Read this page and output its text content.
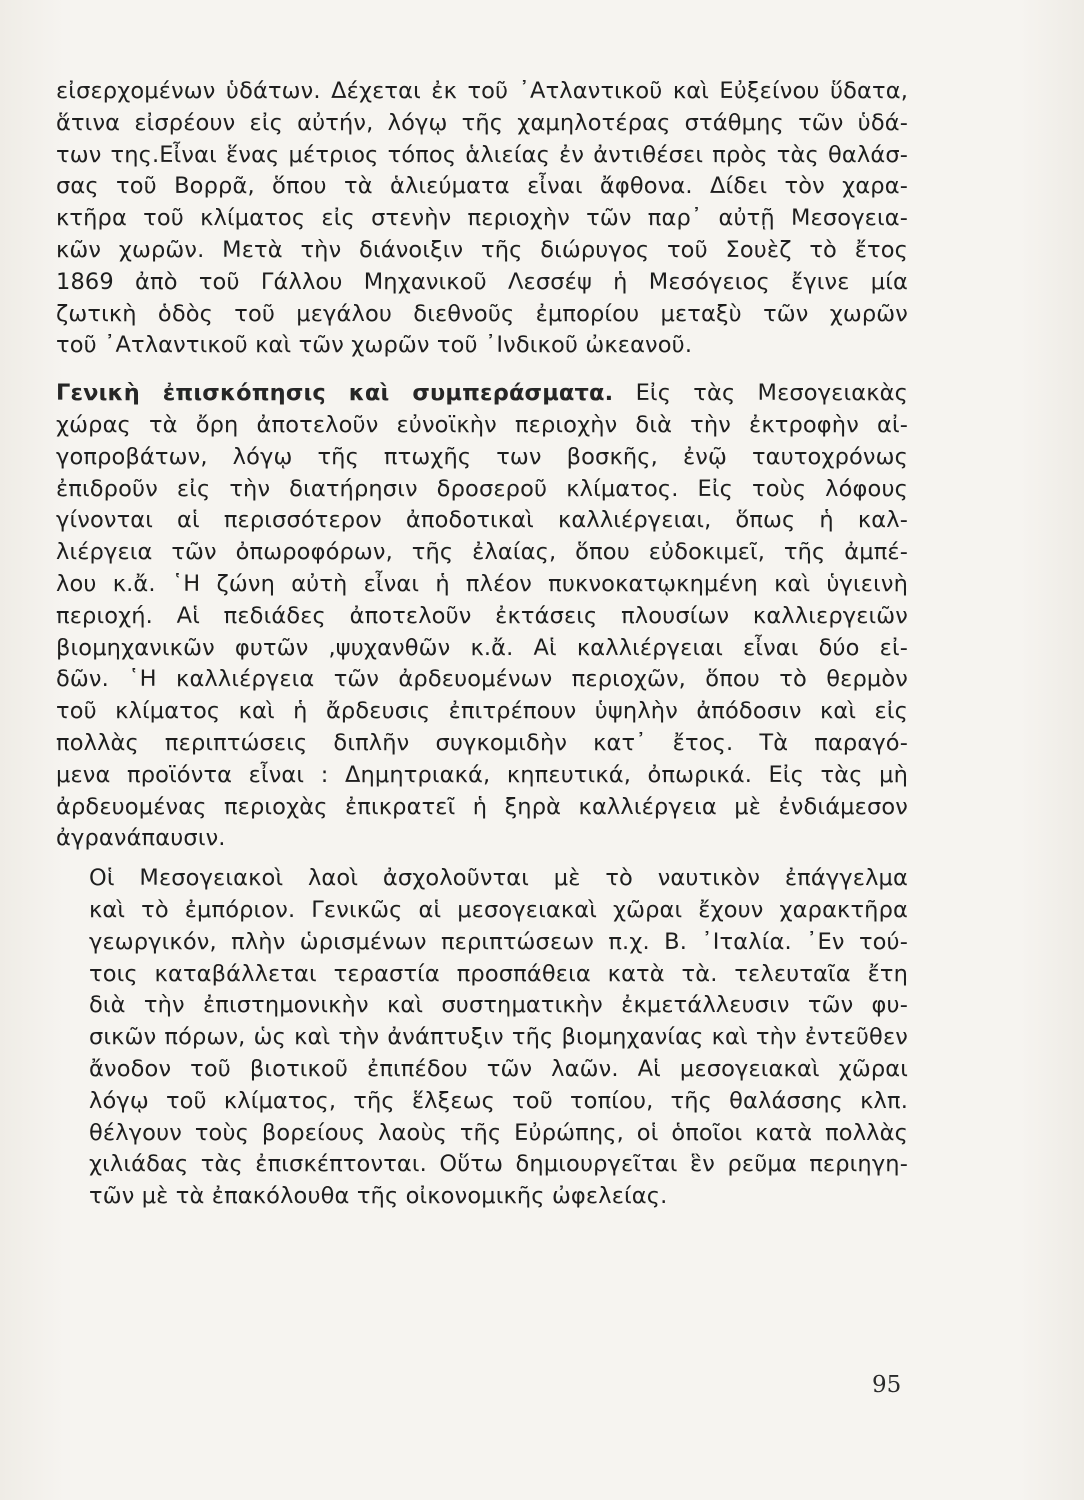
εἰσερχομένων ὑδάτων. Δέχεται ἐκ τοῦ ᾿Ατλαντικοῦ καὶ Εὐξείνου ὕδατα,
ἅτινα εἰσρέουν εἰς αὐτήν, λόγῳ τῆς χαμηλοτέρας στάθμης τῶν ὑδά-
των της.Εἶναι ἕνας μέτριος τόπος ἁλιείας ἐν ἀντιθέσει πρὸς τὰς θαλάσ-
σας τοῦ Βορρᾶ, ὅπου τὰ ἁλιεύματα εἶναι ἄφθονα. Δίδει τὸν χαρα-
κτῆρα τοῦ κλίματος εἰς στενὴν περιοχὴν τῶν παρ᾿ αὐτῇ Μεσογεια-
κῶν χωρῶν. Μετὰ τὴν διάνοιξιν τῆς διώρυγος τοῦ Σουὲζ τὸ ἔτος
1869 ἀπὸ τοῦ Γάλλου Μηχανικοῦ Λεσσέψ ἡ Μεσόγειος ἔγινε μία
ζωτικὴ ὁδὸς τοῦ μεγάλου διεθνοῦς ἐμπορίου μεταξὺ τῶν χωρῶν
τοῦ ᾿Ατλαντικοῦ καὶ τῶν χωρῶν τοῦ ᾿Ινδικοῦ ὠκεανοῦ.

Γενικὴ ἐπισκόπησις καὶ συμπεράσματα. Εἰς τὰς Μεσογειακὰς
χώρας τὰ ὄρη ἀποτελοῦν εὐνοϊκὴν περιοχὴν διὰ τὴν ἐκτροφὴν αἰ-
γοπροβάτων, λόγῳ τῆς πτωχῆς των βοσκῆς, ἐνῷ ταυτοχρόνως
ἐπιδροῦν εἰς τὴν διατήρησιν δροσεροῦ κλίματος. Εἰς τοὺς λόφους
γίνονται αἱ περισσότερον ἀποδοτικαὶ καλλιέργειαι, ὅπως ἡ καλ-
λιέργεια τῶν ὀπωροφόρων, τῆς ἐλαίας, ὅπου εὐδοκιμεῖ, τῆς ἀμπέ-
λου κ.ἄ. ῾Η ζώνη αὐτὴ εἶναι ἡ πλέον πυκνοκατῳκημένη καὶ ὑγιεινὴ
περιοχή. Αἱ πεδιάδες ἀποτελοῦν ἐκτάσεις πλουσίων καλλιεργειῶν
βιομηχανικῶν φυτῶν ,ψυχανθῶν κ.ἄ. Αἱ καλλιέργειαι εἶναι δύο εἰ-
δῶν. ῾Η καλλιέργεια τῶν ἀρδευομένων περιοχῶν, ὅπου τὸ θερμὸν
τοῦ κλίματος καὶ ἡ ἄρδευσις ἐπιτρέπουν ὑψηλὴν ἀπόδοσιν καὶ εἰς
πολλὰς περιπτώσεις διπλῆν συγκομιδὴν κατ᾿ ἔτος. Τὰ παραγό-
μενα προϊόντα εἶναι : Δημητριακά, κηπευτικά, ὀπωρικά. Εἰς τὰς μὴ
ἀρδευομένας περιοχὰς ἐπικρατεῖ ἡ ξηρὰ καλλιέργεια μὲ ἐνδιάμεσον
ἀγρανάπαυσιν.

Οἱ Μεσογειακοὶ λαοὶ ἀσχολοῦνται μὲ τὸ ναυτικὸν ἐπάγγελμα
καὶ τὸ ἐμπόριον. Γενικῶς αἱ μεσογειακαὶ χῶραι ἔχουν χαρακτῆρα
γεωργικόν, πλὴν ὡρισμένων περιπτώσεων π.χ. Β. ᾿Ιταλία. ᾿Εν τού-
τοις καταβάλλεται τεραστία προσπάθεια κατὰ τὰ. τελευταῖα ἔτη
διὰ τὴν ἐπιστημονικὴν καὶ συστηματικὴν ἐκμετάλλευσιν τῶν φυ-
σικῶν πόρων, ὡς καὶ τὴν ἀνάπτυξιν τῆς βιομηχανίας καὶ τὴν ἐντεῦθεν
ἄνοδον τοῦ βιοτικοῦ ἐπιπέδου τῶν λαῶν. Αἱ μεσογειακαὶ χῶραι
λόγῳ τοῦ κλίματος, τῆς ἕλξεως τοῦ τοπίου, τῆς θαλάσσης κλπ.
θέλγουν τοὺς βορείους λαοὺς τῆς Εὐρώπης, οἱ ὁποῖοι κατὰ πολλὰς
χιλιάδας τὰς ἐπισκέπτονται. Οὕτω δημιουργεῖται ἓν ρεῦμα περιηγη-
τῶν μὲ τὰ ἐπακόλουθα τῆς οἰκονομικῆς ὠφελείας.

95
